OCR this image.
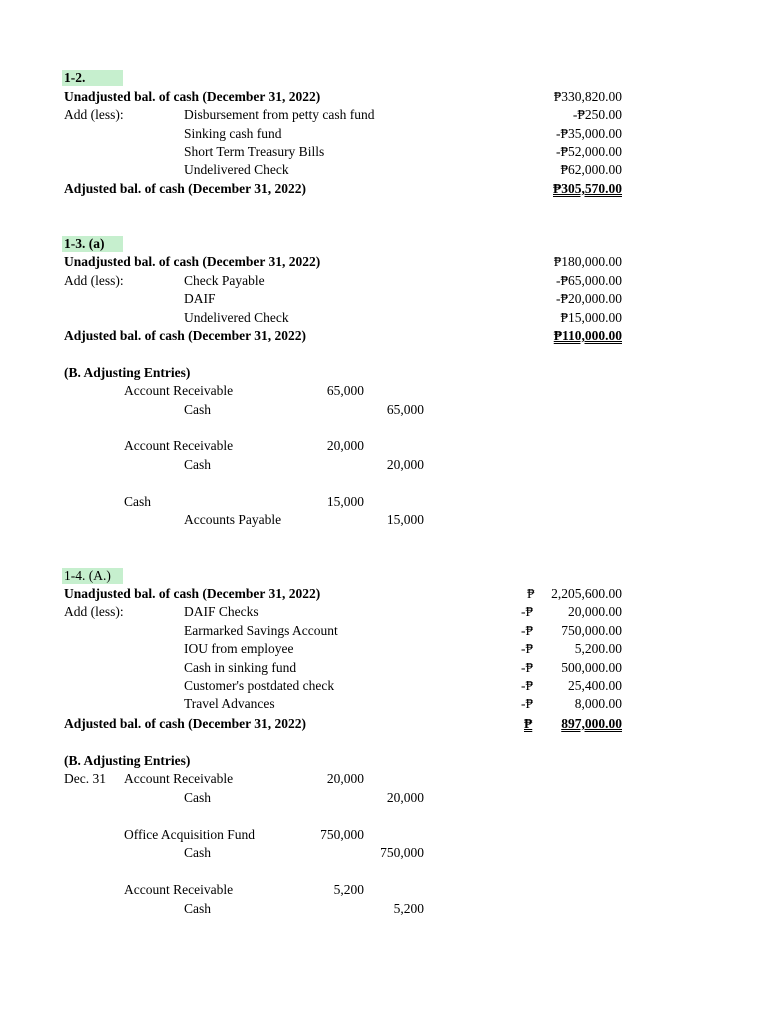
1-2.
Unadjusted bal. of cash (December 31, 2022)	₱330,820.00
Add (less):	Disbursement from petty cash fund	-₱250.00
Sinking cash fund	-₱35,000.00
Short Term Treasury Bills	-₱52,000.00
Undelivered Check	₱62,000.00
Adjusted bal. of cash (December 31, 2022)	₱305,570.00
1-3. (a)
Unadjusted bal. of cash (December 31, 2022)	₱180,000.00
Add (less):	Check Payable	-₱65,000.00
DAIF	-₱20,000.00
Undelivered Check	₱15,000.00
Adjusted bal. of cash (December 31, 2022)	₱110,000.00
(B. Adjusting Entries)
Account Receivable	65,000
Cash	65,000
Account Receivable	20,000
Cash	20,000
Cash	15,000
Accounts Payable	15,000
1-4. (A.)
Unadjusted bal. of cash (December 31, 2022)	₱ 2,205,600.00
Add (less):	DAIF Checks	-₱	20,000.00
Earmarked Savings Account	-₱ 750,000.00
IOU from employee	-₱	5,200.00
Cash in sinking fund	-₱ 500,000.00
Customer's postdated check	-₱	25,400.00
Travel Advances	-₱	8,000.00
Adjusted bal. of cash (December 31, 2022)	₱	897,000.00
(B. Adjusting Entries)
Dec. 31 Account Receivable	20,000
Cash	20,000
Office Acquisition Fund	750,000
Cash	750,000
Account Receivable	5,200
Cash	5,200
